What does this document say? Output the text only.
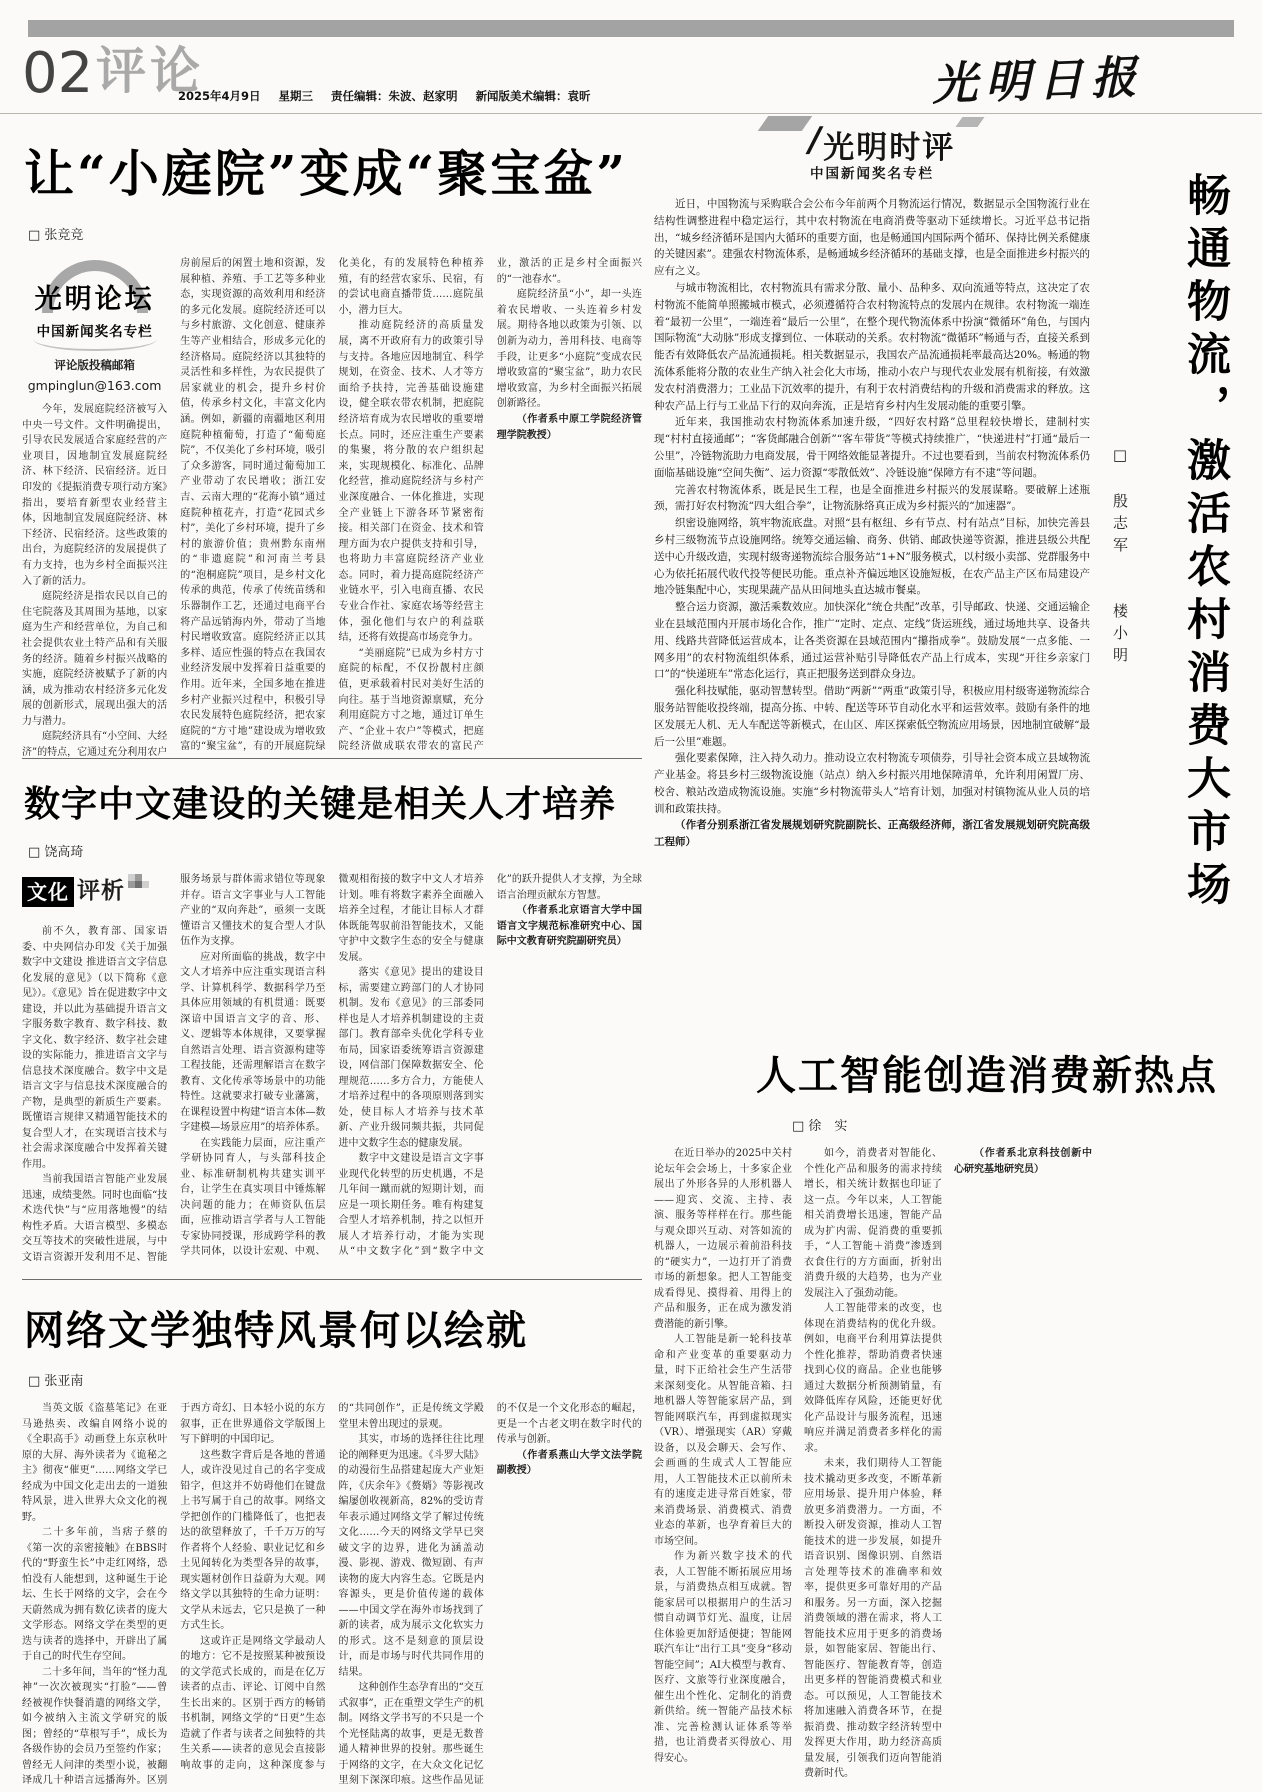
02 评论
2025年4月9日 星期三 责任编辑：朱波、赵家明 新闻版美术编辑：袁昕	光明日报
让“小庭院”变成“聚宝盆”
□ 张竞竞
光明论坛
中国新闻奖名专栏
评论版投稿邮箱
gmpinglun@163.com

今年，发展庭院经济被写入中央一号文件。文件明确提出，引导农民发展适合家庭经营的产业项目，因地制宜发展庭院经济、林下经济、民宿经济。近日印发的《提振消费专项行动方案》指出，要培育新型农业经营主体，因地制宜发展庭院经济、林下经济、民宿经济。这些政策的出台，为庭院经济的发展提供了有力支持，也为乡村全面振兴注入了新的活力。

庭院经济是指农民以自己的住宅院落及其周围为基地，以家庭为生产和经营单位，为自己和社会提供农业土特产品和有关服务的经济。随着乡村振兴战略的实施，庭院经济被赋予了新的内涵，成为推动农村经济多元化发展的创新形式，展现出强大的活力与潜力。

庭院经济具有“小空间、大经济”的特点，它通过充分利用农户房前屋后的闲置土地和资源，发展种植、养殖、手工艺等多种业态，实现资源的高效利用和经济的多元化发展。庭院经济还可以与乡村旅游、文化创意、健康养生等产业相结合，形成多元化的经济格局。庭院经济以其独特的灵活性和多样性，为农民提供了居家就业的机会，提升乡村价值，传承乡村文化，丰富文化内涵。例如，新疆的南疆地区利用庭院种植葡萄，打造了“葡萄庭院”，不仅美化了乡村环境，吸引了众多游客，同时通过葡萄加工产业带动了农民增收；浙江安吉、云南大理的“花海小镇”通过庭院种植花卉，打造“花园式乡村”，美化了乡村环境，提升了乡村的旅游价值；贵州黔东南州的“非遗庭院”和河南兰考县的“泡桐庭院”项目，是乡村文化传承的典范，传承了传统苗绣和乐器制作工艺，还通过电商平台将产品远销海内外，带动了当地村民增收致富。庭院经济正以其多样、适应性强的特点在我国农业经济发展中发挥着日益重要的作用。近年来，全国多地在推进乡村产业振兴过程中，积极引导农民发展特色庭院经济，把农家庭院的“方寸地”建设成为增收致富的“聚宝盆”，有的开展庭院绿化美化，有的发展特色种植养殖，有的经营农家乐、民宿，有的尝试电商直播带货……庭院虽小，潜力巨大。

推动庭院经济的高质量发展，离不开政府有力的政策引导与支持。各地应因地制宜、科学规划，在资金、技术、人才等方面给予扶持，完善基础设施建设，健全联农带农机制，把庭院经济培育成为农民增收的重要增长点。同时，还应注重生产要素的集聚，将分散的农户组织起来，实现规模化、标准化、品牌化经营，推动庭院经济与乡村产业深度融合、一体化推进，实现全产业链上下游各环节紧密衔接。相关部门在资金、技术和管理方面为农户提供支持和引导，也将助力丰富庭院经济产业业态。同时，着力提高庭院经济产业链水平，引入电商直播、农民专业合作社、家庭农场等经营主体，强化他们与农户的利益联结，还将有效提高市场竞争力。

“美丽庭院”已成为乡村方寸庭院的标配，不仅扮靓村庄颜值，更承载着村民对美好生活的向往。基于当地资源禀赋，充分利用庭院方寸之地，通过订单生产、“企业＋农户”等模式，把庭院经济做成联农带农的富民产业，激活的正是乡村全面振兴的“一池春水”。

庭院经济虽“小”，却一头连着农民增收、一头连着乡村发展。期待各地以政策为引领、以创新为动力，善用科技、电商等手段，让更多“小庭院”变成农民增收致富的“聚宝盆”，助力农民增收致富，为乡村全面振兴拓展创新路径。

（作者系中原工学院经济管理学院教授）

数字中文建设的关键是相关人才培养
□ 饶高琦
文化 评析

前不久，教育部、国家语委、中央网信办印发《关于加强数字中文建设 推进语言文字信息化发展的意见》（以下简称《意见》）。《意见》旨在促进数字中文建设，并以此为基础提升语言文字服务数字教育、数字科技、数字文化、数字经济、数字社会建设的实际能力，推进语言文字与信息技术深度融合。数字中文是语言文字与信息技术深度融合的产物，是典型的新质生产要素。既懂语言规律又精通智能技术的复合型人才，在实现语言技术与社会需求深度融合中发挥着关键作用。

当前我国语言智能产业发展迅速，成绩斐然。同时也面临“技术迭代快”与“应用落地慢”的结构性矛盾。大语言模型、多模态交互等技术的突破性进展，与中文语言资源开发利用不足、智能服务场景与群体需求错位等现象并存。语言文字事业与人工智能产业的“双向奔赴”，亟须一支既懂语言又懂技术的复合型人才队伍作为支撑。

应对所面临的挑战，数字中文人才培养中应注重实现语言科学、计算机科学、数据科学乃至具体应用领域的有机贯通：既要深谙中国语言文字的音、形、义、逻辑等本体规律，又要掌握自然语言处理、语言资源构建等工程技能，还需理解语言在数字教育、文化传承等场景中的功能特性。这就要求打破专业藩篱，在课程设置中构建“语言本体—数字建模—场景应用”的培养体系。

在实践能力层面，应注重产学研协同育人，与头部科技企业、标准研制机构共建实训平台，让学生在真实项目中锤炼解决问题的能力；在师资队伍层面，应推动语言学者与人工智能专家协同授课，形成跨学科的教学共同体，以设计宏观、中观、微观相衔接的数字中文人才培养计划。唯有将数字素养全面融入培养全过程，才能让目标人才群体既能驾驭前沿智能技术，又能守护中文数字生态的安全与健康发展。

落实《意见》提出的建设目标，需要建立跨部门的人才协同机制。发布《意见》的三部委同样也是人才培养机制建设的主责部门。教育部牵头优化学科专业布局，国家语委统筹语言资源建设，网信部门保障数据安全、伦理规范……多方合力，方能使人才培养过程中的各项原则落到实处，使目标人才培养与技术革新、产业升级同频共振，共同促进中文数字生态的健康发展。

数字中文建设是语言文字事业现代化转型的历史机遇，不是几年间一蹴而就的短期计划，而应是一项长期任务。唯有构建复合型人才培养机制，持之以恒开展人才培养行动，才能为实现从“中文数字化”到“数字中文化”的跃升提供人才支撑，为全球语言治理贡献东方智慧。

（作者系北京语言大学中国语言文字规范标准研究中心、国际中文教育研究院副研究员）

网络文学独特风景何以绘就
□ 张亚南

当英文版《盗墓笔记》在亚马逊热卖、改编自网络小说的《全职高手》动画登上东京秋叶原的大屏、海外读者为《诡秘之主》彻夜“催更”……网络文学已经成为中国文化走出去的一道独特风景，进入世界大众文化的视野。

二十多年前，当痞子蔡的《第一次的亲密接触》在BBS时代的“野蛮生长”中走红网络，恐怕没有人能想到，这种诞生于论坛、生长于网络的文字，会在今天蔚然成为拥有数亿读者的庞大文学形态。网络文学在类型的更迭与读者的选择中，开辟出了属于自己的时代生存空间。

二十多年间，当年的“怪力乱神”一次次被现实“打脸”——曾经被视作快餐消遣的网络文学，如今被纳入主流文学研究的版图；曾经的“草根写手”，成长为各级作协的会员乃至签约作家；曾经无人问津的类型小说，被翻译成几十种语言远播海外。区别于西方奇幻、日本轻小说的东方叙事，正在世界通俗文学版图上写下鲜明的中国印记。

这些数字背后是各地的普通人，或许没见过自己的名字变成铅字，但这并不妨碍他们在键盘上书写属于自己的故事。网络文学把创作的门槛降低了，也把表达的欲望释放了，千千万万的写作者将个人经验、职业记忆和乡土见闻转化为类型各异的故事，现实题材创作日益蔚为大观。网络文学以其独特的生命力证明：文学从未远去，它只是换了一种方式生长。

这或许正是网络文学最动人的地方：它不是按照某种被预设的文学范式长成的，而是在亿万读者的点击、评论、订阅中自然生长出来的。区别于西方的畅销书机制，网络文学的“日更”生态造就了作者与读者之间独特的共生关系——读者的意见会直接影响故事的走向，这种深度参与的“共同创作”，正是传统文学殿堂里未曾出现过的景观。

其实，市场的选择往往比理论的阐释更为迅速。《斗罗大陆》的动漫衍生品搭建起庞大产业矩阵，《庆余年》《赘婿》等影视改编屡创收视新高，82%的受访青年表示通过网络文学了解过传统文化……今天的网络文学早已突破文字的边界，进化为涵盖动漫、影视、游戏、微短剧、有声读物的庞大内容生态。它既是内容源头，更是价值传递的载体——中国文学在海外市场找到了新的读者，成为展示文化软实力的形式。这不是刻意的顶层设计，而是市场与时代共同作用的结果。

这种创作生态孕育出的“交互式叙事”，正在重塑文学生产的机制。网络文学书写的不只是一个个光怪陆离的故事，更是无数普通人精神世界的投射。那些诞生于网络的文字，在大众文化记忆里刻下深深印痕。这些作品见证的不仅是一个文化形态的崛起，更是一个古老文明在数字时代的传承与创新。

（作者系燕山大学文法学院副教授）

∕光明时评
中国新闻奖名专栏

近日，中国物流与采购联合会公布今年前两个月物流运行情况，数据显示全国物流行业在结构性调整进程中稳定运行，其中农村物流在电商消费等驱动下延续增长。习近平总书记指出，“城乡经济循环是国内大循环的重要方面，也是畅通国内国际两个循环、保持比例关系健康的关键因素”。建强农村物流体系，是畅通城乡经济循环的基础支撑，也是全面推进乡村振兴的应有之义。

与城市物流相比，农村物流具有需求分散、量小、品种多、双向流通等特点，这决定了农村物流不能简单照搬城市模式，必须遵循符合农村物流特点的发展内在规律。农村物流一端连着“最初一公里”，一端连着“最后一公里”，在整个现代物流体系中扮演“微循环”角色，与国内国际物流“大动脉”形成支撑到位、一体联动的关系。农村物流“微循环”畅通与否，直接关系到能否有效降低农产品流通损耗。相关数据显示，我国农产品流通损耗率最高达20%。畅通的物流体系能将分散的农业生产纳入社会化大市场，推动小农户与现代农业发展有机衔接，有效激发农村消费潜力；工业品下沉效率的提升，有利于农村消费结构的升级和消费需求的释放。这种农产品上行与工业品下行的双向奔流，正是培育乡村内生发展动能的重要引擎。

近年来，我国推动农村物流体系加速升级，“四好农村路”总里程较快增长，建制村实现“村村直接通邮”；“客货邮融合创新”“客车带货”等模式持续推广，“快递进村”打通“最后一公里”，冷链物流助力电商发展，骨干网络效能显著提升。不过也要看到，当前农村物流体系仍面临基础设施“空间失衡”、运力资源“零散低效”、冷链设施“保障方有不逮”等问题。

完善农村物流体系，既是民生工程，也是全面推进乡村振兴的发展谋略。要破解上述瓶颈，需打好农村物流“四大组合拳”，让物流脉络真正成为乡村振兴的“加速器”。

织密设施网络，筑牢物流底盘。对照“县有枢纽、乡有节点、村有站点”目标，加快完善县乡村三级物流节点设施网络。统筹交通运输、商务、供销、邮政快递等资源，推进县级公共配送中心升级改造，实现村级寄递物流综合服务站“1+N”服务模式，以村级小卖部、党群服务中心为依托拓展代收代投等便民功能。重点补齐偏远地区设施短板，在农产品主产区布局建设产地冷链集配中心，实现果蔬产品从田间地头直达城市餐桌。

整合运力资源，激活乘数效应。加快深化“统仓共配”改革，引导邮政、快递、交通运输企业在县域范围内开展市场化合作，推广“定时、定点、定线”货运班线，通过场地共享、设备共用、线路共营降低运营成本，让各类资源在县域范围内“攥指成拳”。鼓励发展“一点多能、一网多用”的农村物流组织体系，通过运营补贴引导降低农产品上行成本，实现“开往乡亲家门口”的“快递班车”常态化运行，真正把服务送到群众身边。

强化科技赋能，驱动智慧转型。借助“两新”“两重”政策引导，积极应用村级寄递物流综合服务站智能收投终端，提高分拣、中转、配送等环节自动化水平和运营效率。鼓励有条件的地区发展无人机、无人车配送等新模式，在山区、库区探索低空物流应用场景，因地制宜破解“最后一公里”难题。

强化要素保障，注入持久动力。推动设立农村物流专项债券，引导社会资本成立县域物流产业基金。将县乡村三级物流设施（站点）纳入乡村振兴用地保障清单，允许利用闲置厂房、校舍、粮站改造成物流设施。实施“乡村物流带头人”培育计划，加强对村镇物流从业人员的培训和政策扶持。

（作者分别系浙江省发展规划研究院副院长、正高级经济师，浙江省发展规划研究院高级工程师）	畅通物流，激活农村消费大市场
□　殷志军　　楼小明
人工智能创造消费新热点
□ 徐　实

在近日举办的2025中关村论坛年会会场上，十多家企业展出了外形各异的人形机器人——迎宾、交流、主持、表演、服务等样样在行。那些能与观众即兴互动、对答如流的机器人，一边展示着前沿科技的“硬实力”，一边打开了消费市场的新想象。把人工智能变成看得见、摸得着、用得上的产品和服务，正在成为激发消费潜能的新引擎。

人工智能是新一轮科技革命和产业变革的重要驱动力量，时下正给社会生产生活带来深刻变化。从智能音箱、扫地机器人等智能家居产品，到智能网联汽车，再到虚拟现实（VR）、增强现实（AR）穿戴设备，以及会聊天、会写作、会画画的生成式人工智能应用，人工智能技术正以前所未有的速度走进寻常百姓家，带来消费场景、消费模式、消费业态的革新，也孕育着巨大的市场空间。

作为新兴数字技术的代表，人工智能不断拓展应用场景，与消费热点相互成就。智能家居可以根据用户的生活习惯自动调节灯光、温度，让居住体验更加舒适便捷；智能网联汽车让“出行工具”变身“移动智能空间”；AI大模型与教育、医疗、文旅等行业深度融合，催生出个性化、定制化的消费新供给。统一智能产品技术标准、完善检测认证体系等举措，也让消费者买得放心、用得安心。

如今，消费者对智能化、个性化产品和服务的需求持续增长，相关统计数据也印证了这一点。今年以来，人工智能相关消费增长迅速，智能产品成为扩内需、促消费的重要抓手，“人工智能＋消费”渗透到衣食住行的方方面面，折射出消费升级的大趋势，也为产业发展注入了强劲动能。

人工智能带来的改变，也体现在消费结构的优化升级。例如，电商平台利用算法提供个性化推荐，帮助消费者快速找到心仪的商品。企业也能够通过大数据分析预测销量，有效降低库存风险，还能更好优化产品设计与服务流程，迅速响应并满足消费者多样化的需求。

未来，我们期待人工智能技术撬动更多改变，不断革新应用场景、提升用户体验，释放更多消费潜力。一方面，不断投入研发资源，推动人工智能技术的进一步发展，如提升语音识别、图像识别、自然语言处理等技术的准确率和效率，提供更多可靠好用的产品和服务。另一方面，深入挖掘消费领域的潜在需求，将人工智能技术应用于更多的消费场景，如智能家居、智能出行、智能医疗、智能教育等，创造出更多样的智能消费模式和业态。可以预见，人工智能技术将加速融入消费各环节，在提振消费、推动数字经济转型中发挥更大作用，助力经济高质量发展，引领我们迈向智能消费新时代。

（作者系北京科技创新中心研究基地研究员）
